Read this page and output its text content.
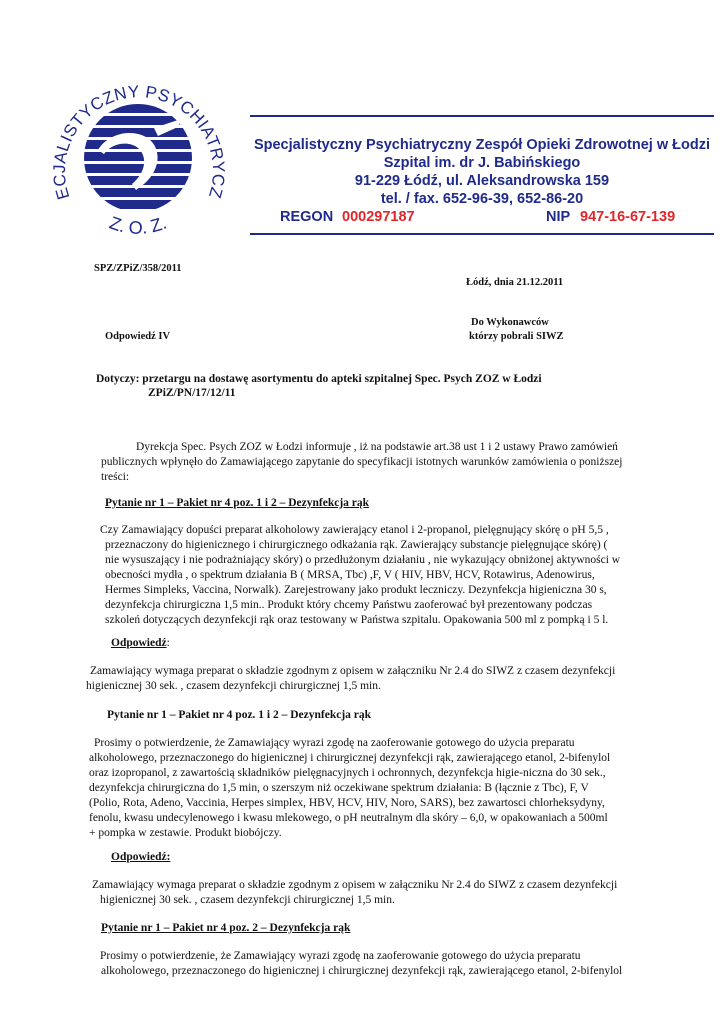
ECJALISTYCZNY PSYCHIATRYCZ
Z. O. Z.
Specjalistyczny Psychiatryczny Zespół Opieki Zdrowotnej w Łodzi
Szpital im. dr J. Babińskiego
91-229 Łódź, ul. Aleksandrowska 159
tel. / fax. 652-96-39, 652-86-20
REGON 000297187	NIP 947-16-67-139
SPZ/ZPiZ/358/2011
Łódź, dnia 21.12.2011
Do Wykonawców
Odpowiedź IV	którzy pobrali SIWZ
Dotyczy: przetargu na dostawę asortymentu do apteki szpitalnej Spec. Psych ZOZ w Łodzi
ZPiZ/PN/17/12/11
Dyrekcja Spec. Psych ZOZ w Łodzi informuje , iż na podstawie art.38 ust 1 i 2 ustawy Prawo zamówień
publicznych wpłynęło do Zamawiającego zapytanie do specyfikacji istotnych warunków zamówienia o poniższej
treści:
Pytanie nr 1 – Pakiet nr 4 poz. 1 i 2 – Dezynfekcja rąk
Czy Zamawiający dopuści preparat alkoholowy zawierający etanol i 2-propanol, pielęgnujący skórę o pH 5,5 ,
przeznaczony do higienicznego i chirurgicznego odkażania rąk. Zawierający substancje pielęgnujące skórę) (
nie wysuszający i nie podrażniający skóry) o przedłużonym działaniu , nie wykazujący obniżonej aktywności w
obecności mydła , o spektrum działania B ( MRSA, Tbc) ,F, V ( HIV, HBV, HCV, Rotawirus, Adenowirus,
Hermes Simpleks, Vaccina, Norwalk). Zarejestrowany jako produkt leczniczy. Dezynfekcja higieniczna 30 s,
dezynfekcja chirurgiczna 1,5 min.. Produkt który chcemy Państwu zaoferować był prezentowany podczas
szkoleń dotyczących dezynfekcji rąk oraz testowany w Państwa szpitalu. Opakowania 500 ml z pompką i 5 l.
Odpowiedź:
Zamawiający wymaga preparat o składzie zgodnym z opisem w załączniku Nr 2.4 do SIWZ z czasem dezynfekcji
higienicznej 30 sek. , czasem dezynfekcji chirurgicznej 1,5 min.
Pytanie nr 1 – Pakiet nr 4 poz. 1 i 2 – Dezynfekcja rąk
Prosimy o potwierdzenie, że Zamawiający wyrazi zgodę na zaoferowanie gotowego do użycia preparatu
alkoholowego, przeznaczonego do higienicznej i chirurgicznej dezynfekcji rąk, zawierającego etanol, 2-bifenylol
oraz izopropanol, z zawartością składników pielęgnacyjnych i ochronnych, dezynfekcja higie-niczna do 30 sek.,
dezynfekcja chirurgiczna do 1,5 min, o szerszym niż oczekiwane spektrum działania: B (łącznie z Tbc), F, V
(Polio, Rota, Adeno, Vaccinia, Herpes simplex, HBV, HCV, HIV, Noro, SARS), bez zawartosci chlorheksydyny,
fenolu, kwasu undecylenowego i kwasu mlekowego, o pH neutralnym dla skóry – 6,0, w opakowaniach a 500ml
+ pompka w zestawie. Produkt biobójczy.
Odpowiedź:
Zamawiający wymaga preparat o składzie zgodnym z opisem w załączniku Nr 2.4 do SIWZ z czasem dezynfekcji
higienicznej 30 sek. , czasem dezynfekcji chirurgicznej 1,5 min.
Pytanie nr 1 – Pakiet nr 4 poz. 2 – Dezynfekcja rąk
Prosimy o potwierdzenie, że Zamawiający wyrazi zgodę na zaoferowanie gotowego do użycia preparatu
alkoholowego, przeznaczonego do higienicznej i chirurgicznej dezynfekcji rąk, zawierającego etanol, 2-bifenylol
